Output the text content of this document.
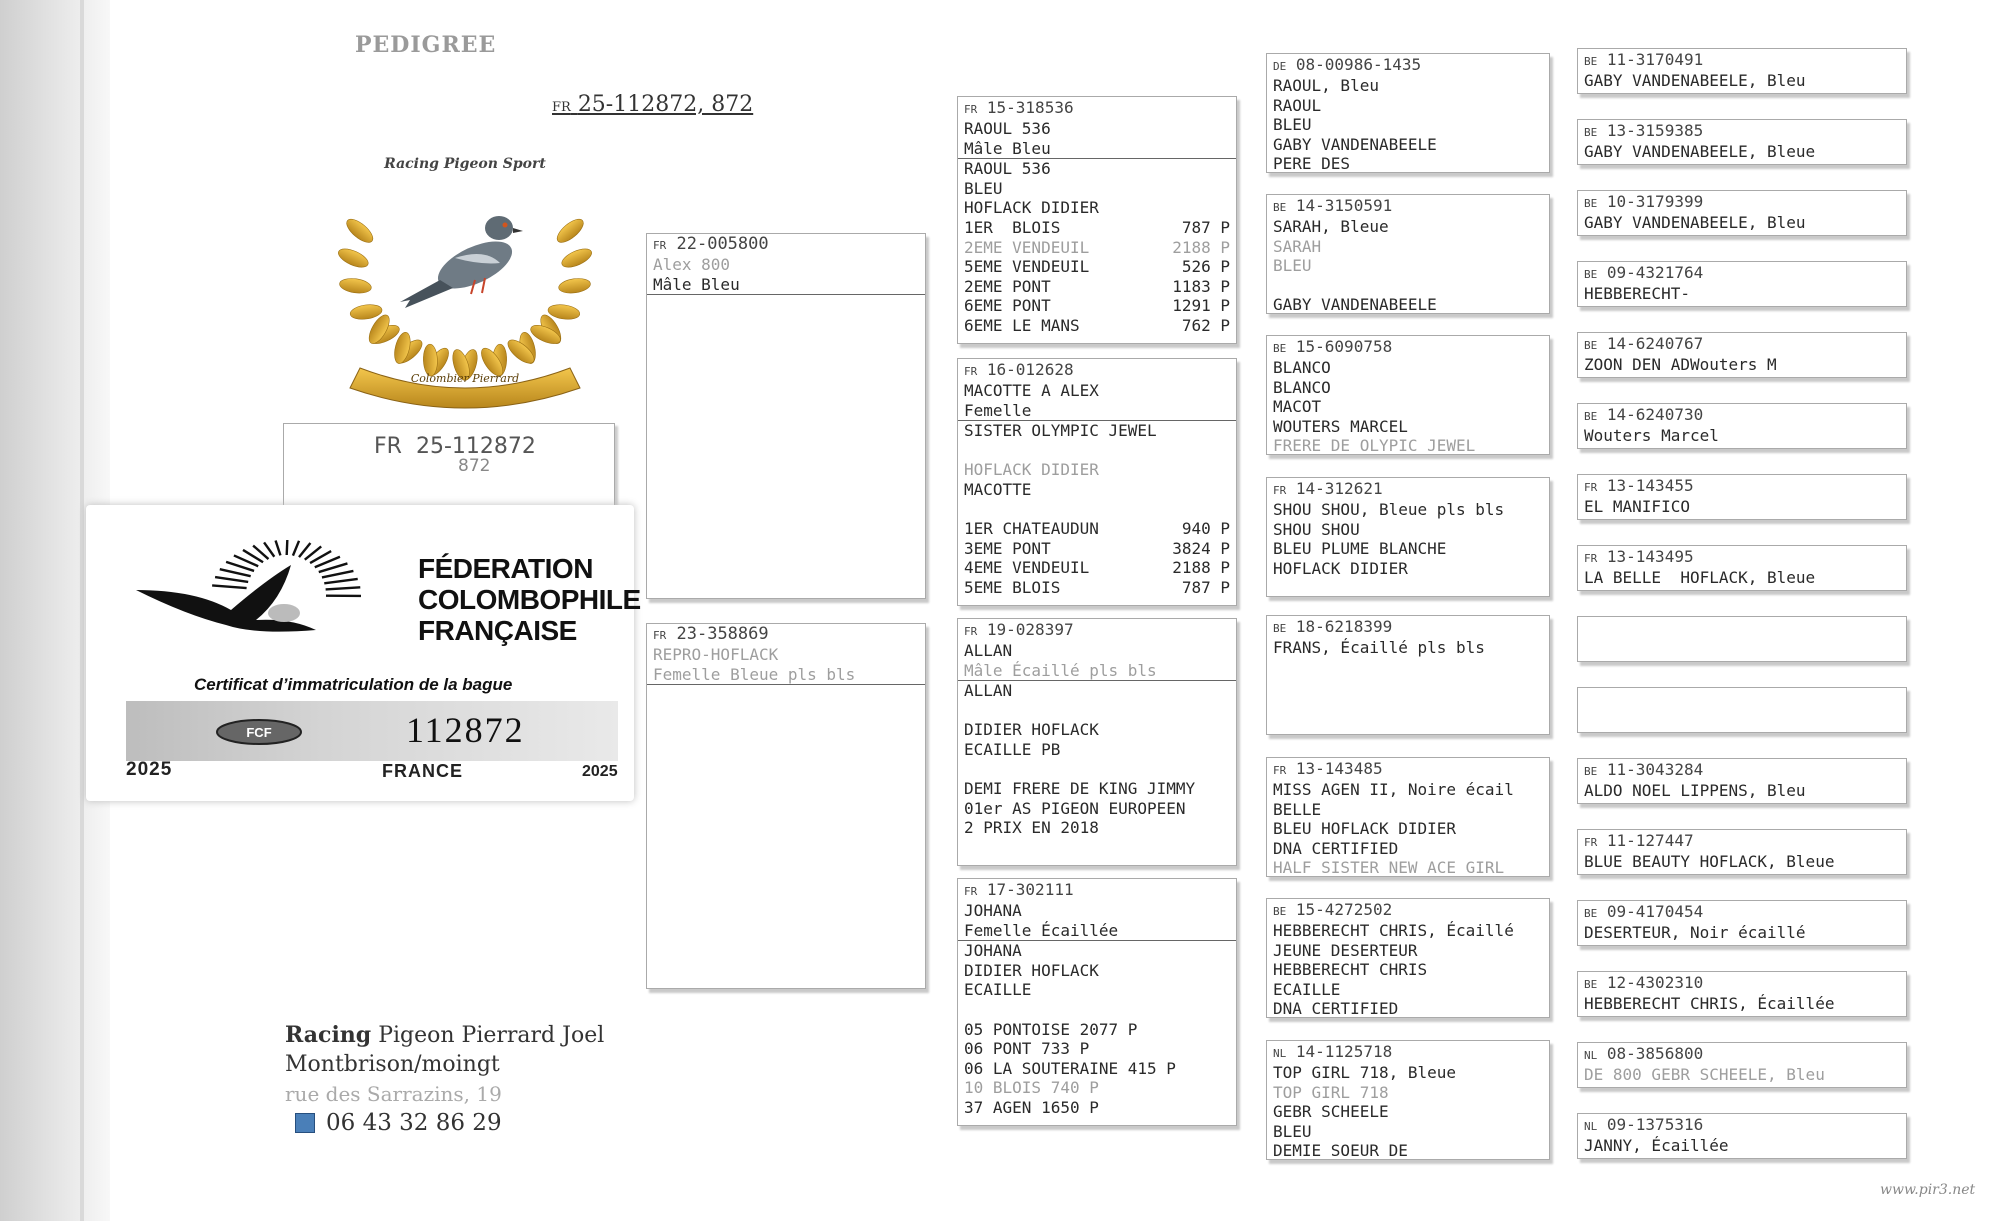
PEDIGREE
FR 25-112872, 872
Colombier Pierrard
Racing Pigeon Sport

FR 25-112872

872

FÉDERATION
COLOMBOPHILE
FRANÇAISE
Certificat d’immatriculation de la bague
FCF	112872
2025	FRANCE	2025
Racing Pigeon Pierrard Joel
Montbrison/moingt
rue des Sarrazins, 19
06 43 32 86 29
www.pir3.net
FR 22-005800
Alex 800
Mâle Bleu
FR 23-358869
REPRO-HOFLACK
Femelle Bleue pls bls
FR 15-318536
RAOUL 536
Mâle Bleu
RAOUL 536
BLEU
HOFLACK DIDIER
1ER  BLOIS	787 P
2EME VENDEUIL	2188 P
5EME VENDEUIL	526 P
2EME PONT	1183 P
6EME PONT	1291 P
6EME LE MANS	762 P
FR 16-012628
MACOTTE A ALEX
Femelle
SISTER OLYMPIC JEWEL

HOFLACK DIDIER
MACOTTE

1ER CHATEAUDUN	940 P
3EME PONT	3824 P
4EME VENDEUIL	2188 P
5EME BLOIS	787 P
FR 19-028397
ALLAN
Mâle Écaillé pls bls
ALLAN

DIDIER HOFLACK
ECAILLE PB

DEMI FRERE DE KING JIMMY
01er AS PIGEON EUROPEEN
2 PRIX EN 2018
FR 17-302111
JOHANA
Femelle Écaillée
JOHANA
DIDIER HOFLACK
ECAILLE

05 PONTOISE 2077 P
06 PONT 733 P
06 LA SOUTERAINE 415 P
10 BLOIS 740 P
37 AGEN 1650 P
DE 08-00986-1435
RAOUL, Bleu
RAOUL
BLEU
GABY VANDENABEELE
PERE DES
BE 14-3150591
SARAH, Bleue
SARAH
BLEU

GABY VANDENABEELE
BE 15-6090758
BLANCO
BLANCO
MACOT
WOUTERS MARCEL
FRERE DE OLYPIC JEWEL
FR 14-312621
SHOU SHOU, Bleue pls bls
SHOU SHOU
BLEU PLUME BLANCHE
HOFLACK DIDIER
BE 18-6218399
FRANS, Écaillé pls bls
FR 13-143485
MISS AGEN II, Noire écail
BELLE
BLEU HOFLACK DIDIER
DNA CERTIFIED
HALF SISTER NEW ACE GIRL
BE 15-4272502
HEBBERECHT CHRIS, Écaillé
JEUNE DESERTEUR
HEBBERECHT CHRIS
ECAILLE
DNA CERTIFIED
NL 14-1125718
TOP GIRL 718, Bleue
TOP GIRL 718
GEBR SCHEELE
BLEU
DEMIE SOEUR DE
BE 11-3170491
GABY VANDENABEELE, Bleu
BE 13-3159385
GABY VANDENABEELE, Bleue
BE 10-3179399
GABY VANDENABEELE, Bleu
BE 09-4321764
HEBBERECHT-
BE 14-6240767
ZOON DEN ADWouters M
BE 14-6240730
Wouters Marcel
FR 13-143455
EL MANIFICO
FR 13-143495
LA BELLE  HOFLACK, Bleue
BE 11-3043284
ALDO NOEL LIPPENS, Bleu
FR 11-127447
BLUE BEAUTY HOFLACK, Bleue
BE 09-4170454
DESERTEUR, Noir écaillé
BE 12-4302310
HEBBERECHT CHRIS, Écaillée
NL 08-3856800
DE 800 GEBR SCHEELE, Bleu
NL 09-1375316
JANNY, Écaillée
